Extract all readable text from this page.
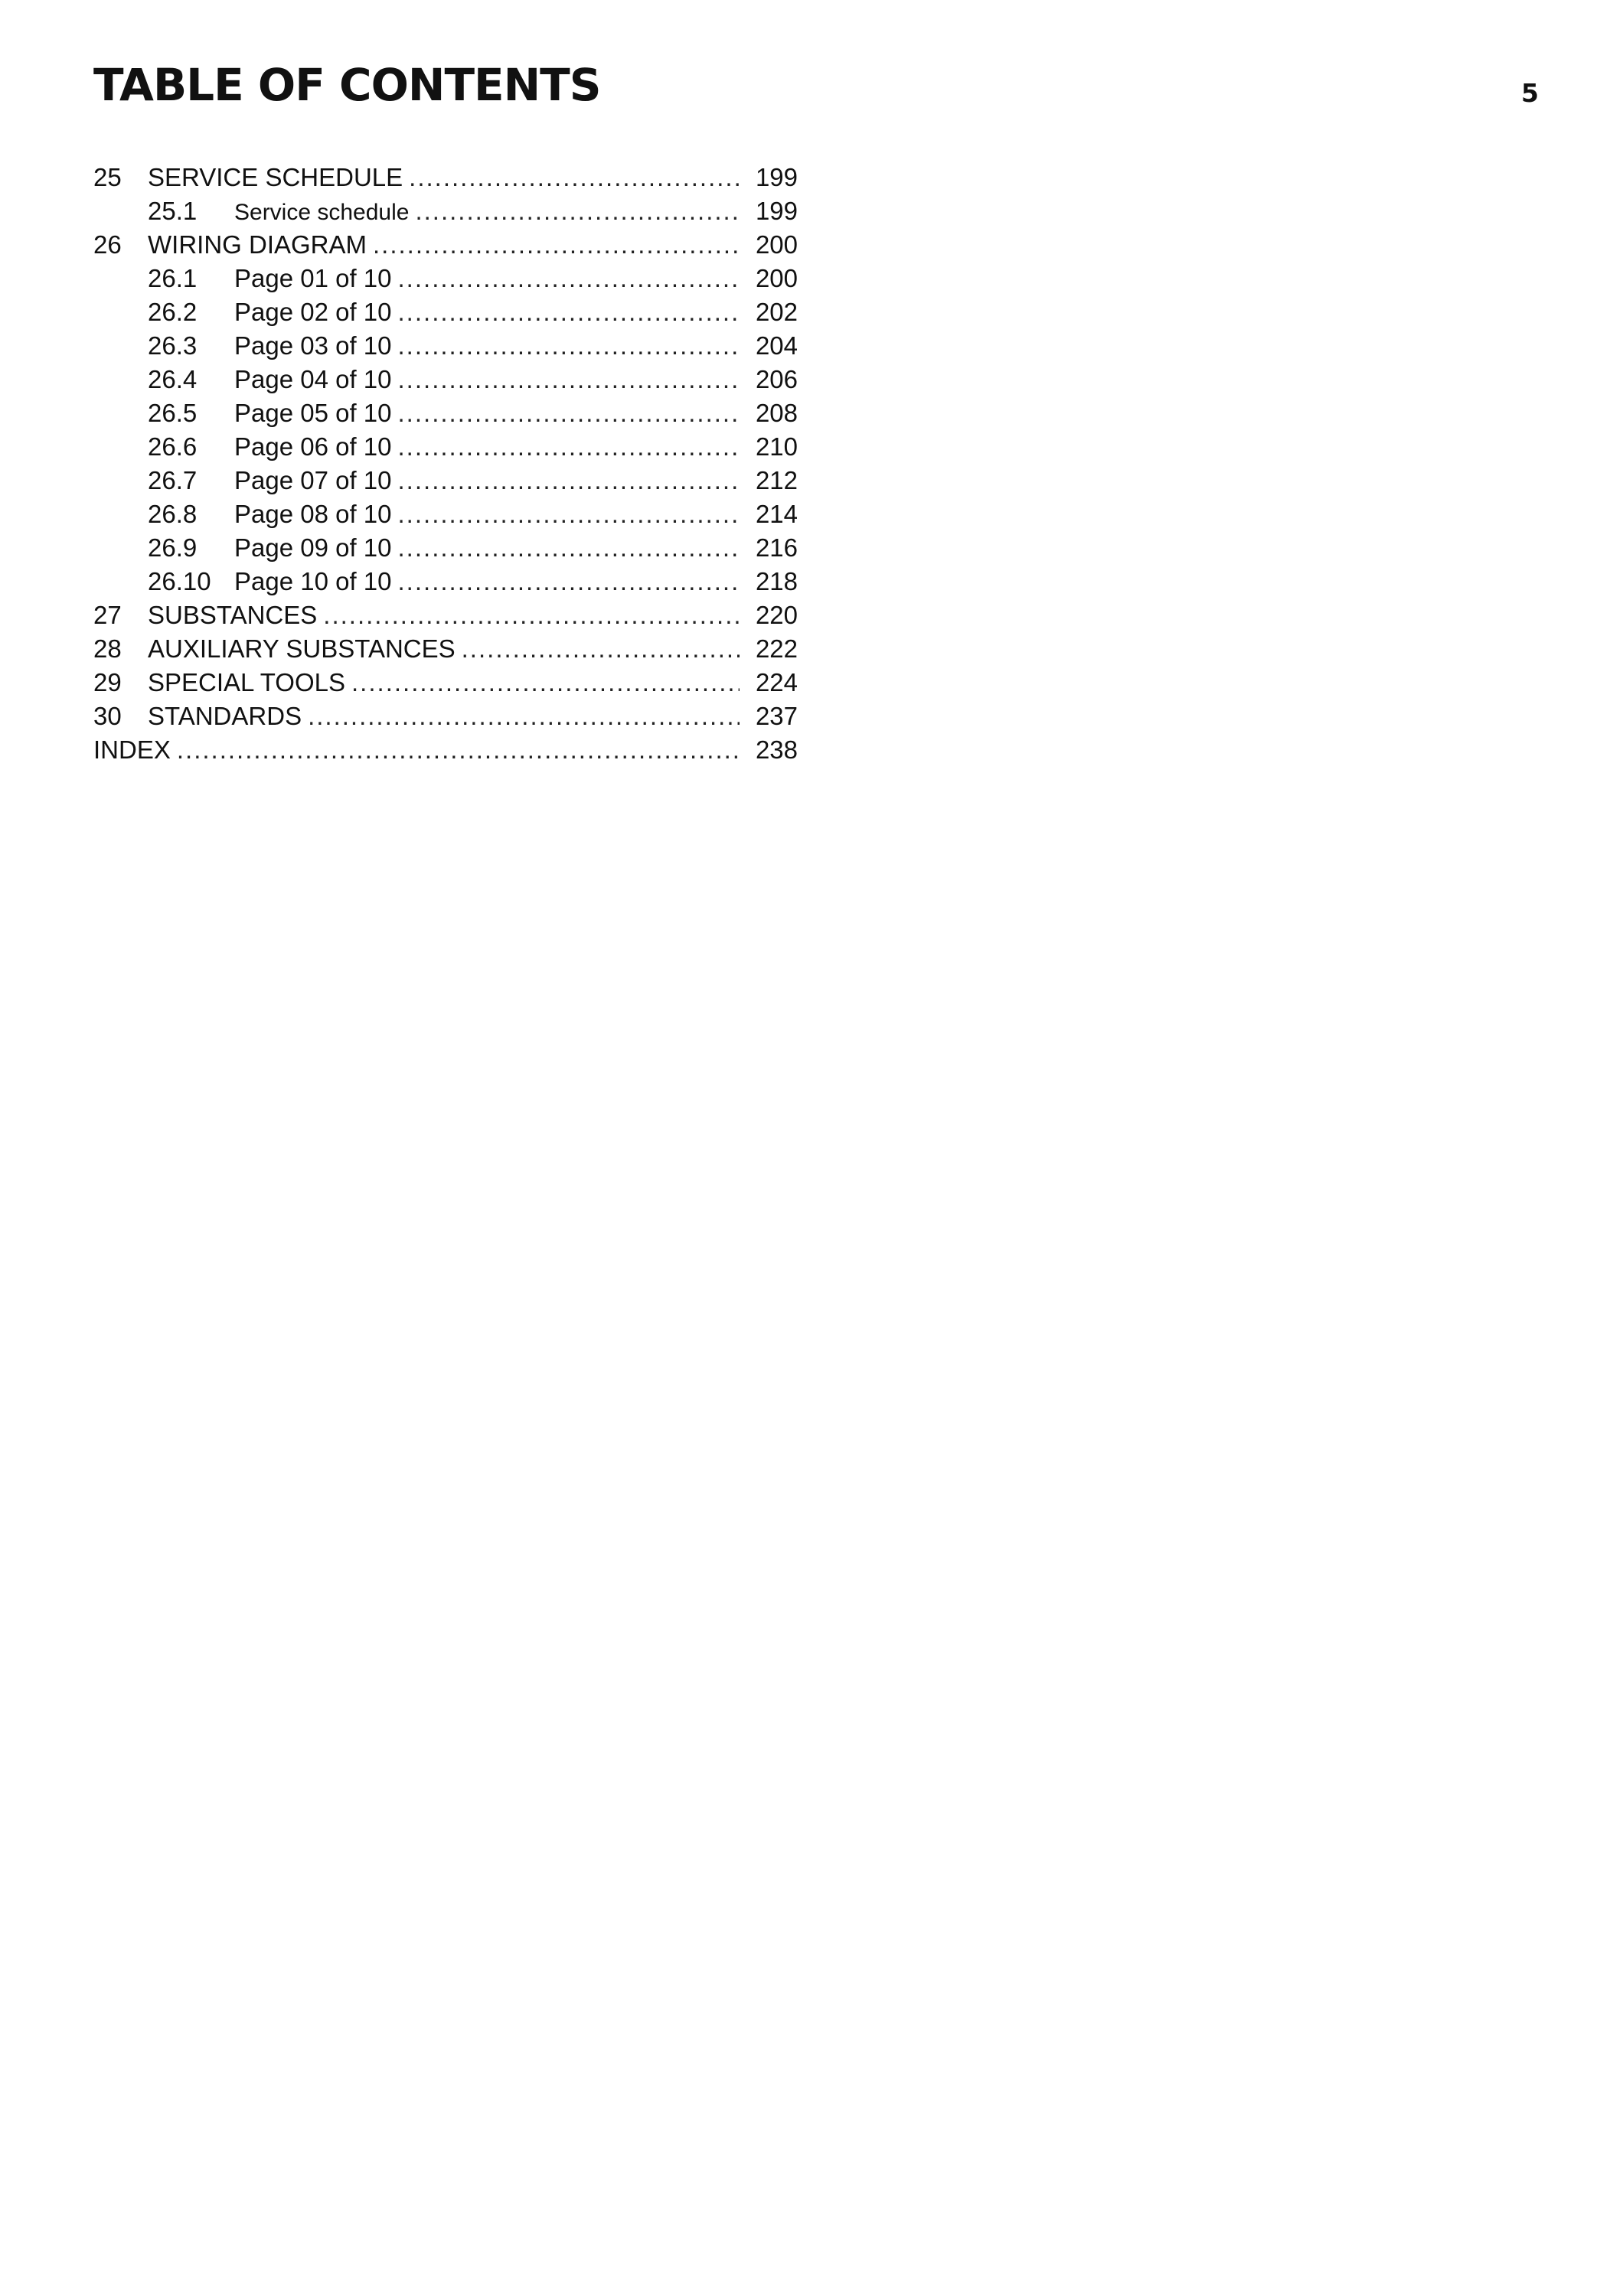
TABLE OF CONTENTS	5
25	SERVICE SCHEDULE .....	199
25.1	Service schedule .....	199
26	WIRING DIAGRAM .....	200
26.1	Page 01 of 10 .....	200
26.2	Page 02 of 10 .....	202
26.3	Page 03 of 10 .....	204
26.4	Page 04 of 10 .....	206
26.5	Page 05 of 10 .....	208
26.6	Page 06 of 10 .....	210
26.7	Page 07 of 10 .....	212
26.8	Page 08 of 10 .....	214
26.9	Page 09 of 10 .....	216
26.10 Page 10 of 10 .....	218
27	SUBSTANCES .....	220
28	AUXILIARY SUBSTANCES .....	222
29	SPECIAL TOOLS .....	224
30	STANDARDS .....	237
INDEX .....	238
